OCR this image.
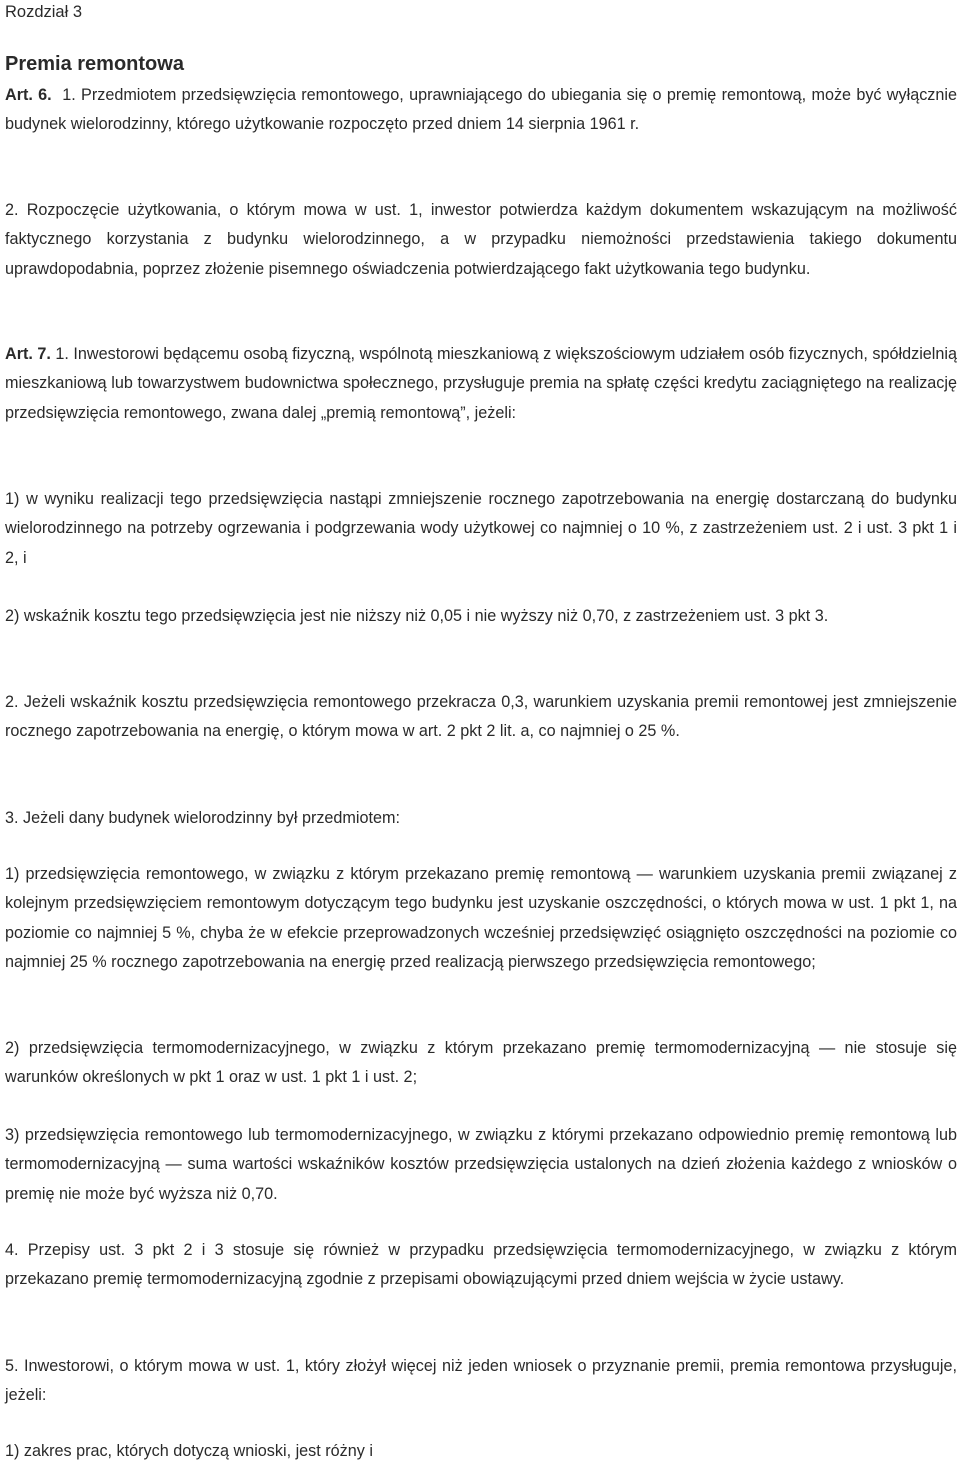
Rozdział 3
Premia remontowa

Art. 6. 1. Przedmiotem przedsięwzięcia remontowego, uprawniającego do ubiegania się o premię remontową, może być wyłącznie budynek wielorodzinny, którego użytkowanie rozpoczęto przed dniem 14 sierpnia 1961 r.

2. Rozpoczęcie użytkowania, o którym mowa w ust. 1, inwestor potwierdza każdym dokumentem wskazującym na możliwość faktycznego korzystania z budynku wielorodzinnego, a w przypadku niemożności przedstawienia takiego dokumentu uprawdopodabnia, poprzez złożenie pisemnego oświadczenia potwierdzającego fakt użytkowania tego budynku.

Art. 7. 1. Inwestorowi będącemu osobą fizyczną, wspólnotą mieszkaniową z większościowym udziałem osób fizycznych, spółdzielnią mieszkaniową lub towarzystwem budownictwa społecznego, przysługuje premia na spłatę części kredytu zaciągniętego na realizację przedsięwzięcia remontowego, zwana dalej „premią remontową”, jeżeli:

1) w wyniku realizacji tego przedsięwzięcia nastąpi zmniejszenie rocznego zapotrzebowania na energię dostarczaną do budynku wielorodzinnego na potrzeby ogrzewania i podgrzewania wody użytkowej co najmniej o 10 %, z zastrzeżeniem ust. 2 i ust. 3 pkt 1 i 2, i

2) wskaźnik kosztu tego przedsięwzięcia jest nie niższy niż 0,05 i nie wyższy niż 0,70, z zastrzeżeniem ust. 3 pkt 3.

2. Jeżeli wskaźnik kosztu przedsięwzięcia remontowego przekracza 0,3, warunkiem uzyskania premii remontowej jest zmniejszenie rocznego zapotrzebowania na energię, o którym mowa w art. 2 pkt 2 lit. a, co najmniej o 25 %.

3. Jeżeli dany budynek wielorodzinny był przedmiotem:

1) przedsięwzięcia remontowego, w związku z którym przekazano premię remontową — warunkiem uzyskania premii związanej z kolejnym przedsięwzięciem remontowym dotyczącym tego budynku jest uzyskanie oszczędności, o których mowa w ust. 1 pkt 1, na poziomie co najmniej 5 %, chyba że w efekcie przeprowadzonych wcześniej przedsięwzięć osiągnięto oszczędności na poziomie co najmniej 25 % rocznego zapotrzebowania na energię przed realizacją pierwszego przedsięwzięcia remontowego;

2) przedsięwzięcia termomodernizacyjnego, w związku z którym przekazano premię termomodernizacyjną — nie stosuje się warunków określonych w pkt 1 oraz w ust. 1 pkt 1 i ust. 2;

3) przedsięwzięcia remontowego lub termomodernizacyjnego, w związku z którymi przekazano odpowiednio premię remontową lub termomodernizacyjną — suma wartości wskaźników kosztów przedsięwzięcia ustalonych na dzień złożenia każdego z wniosków o premię nie może być wyższa niż 0,70.

4. Przepisy ust. 3 pkt 2 i 3 stosuje się również w przypadku przedsięwzięcia termomodernizacyjnego, w związku z którym przekazano premię termomodernizacyjną zgodnie z przepisami obowiązującymi przed dniem wejścia w życie ustawy.

5. Inwestorowi, o którym mowa w ust. 1, który złożył więcej niż jeden wniosek o przyznanie premii, premia remontowa przysługuje, jeżeli:

1) zakres prac, których dotyczą wnioski, jest różny i
